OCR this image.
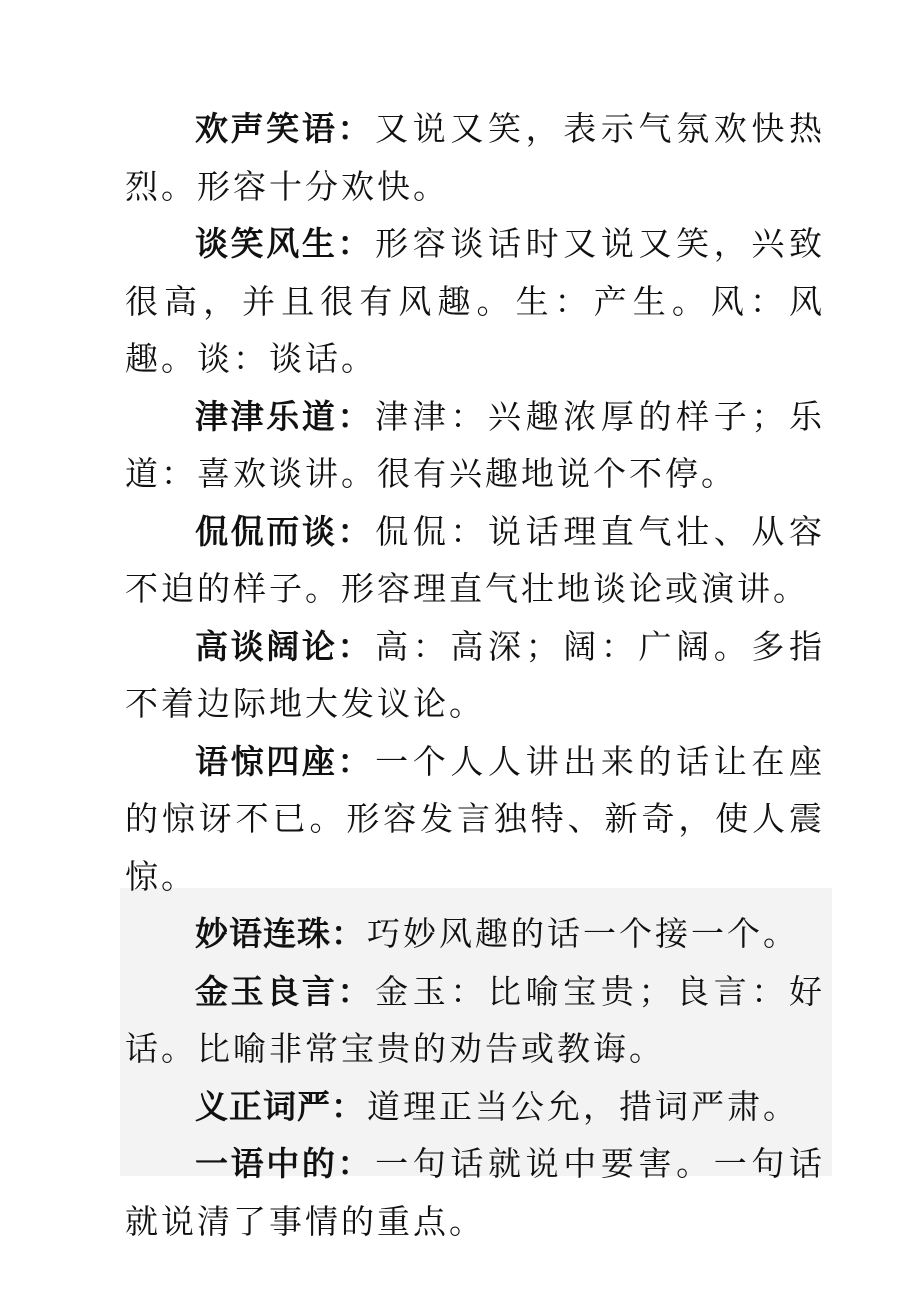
欢声笑语：又说又笑，表示气氛欢快热烈。形容十分欢快。

谈笑风生：形容谈话时又说又笑，兴致很高，并且很有风趣。生：产生。风：风趣。谈：谈话。

津津乐道：津津：兴趣浓厚的样子；乐道：喜欢谈讲。很有兴趣地说个不停。

侃侃而谈：侃侃：说话理直气壮、从容不迫的样子。形容理直气壮地谈论或演讲。

高谈阔论：高：高深；阔：广阔。多指不着边际地大发议论。

语惊四座：一个人人讲出来的话让在座的惊讶不已。形容发言独特、新奇，使人震惊。

妙语连珠：巧妙风趣的话一个接一个。

金玉良言：金玉：比喻宝贵；良言：好话。比喻非常宝贵的劝告或教诲。

义正词严：道理正当公允，措词严肃。

一语中的：一句话就说中要害。一句话就说清了事情的重点。
